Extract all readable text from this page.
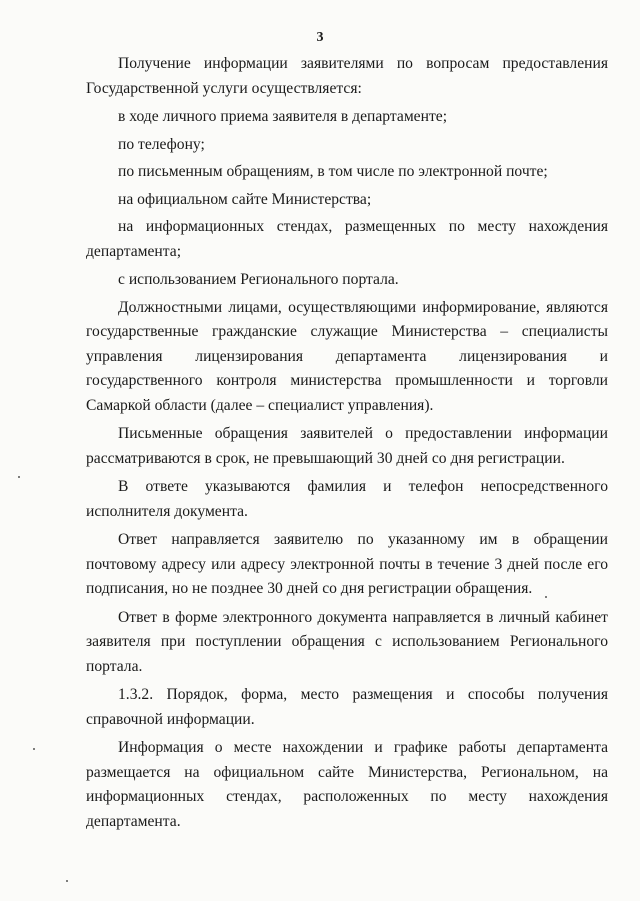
3

Получение информации заявителями по вопросам предоставления Государственной услуги осуществляется:

в ходе личного приема заявителя в департаменте;

по телефону;

по письменным обращениям, в том числе по электронной почте;

на официальном сайте Министерства;

на информационных стендах, размещенных по месту нахождения департамента;

с использованием Регионального портала.

Должностными лицами, осуществляющими информирование, являются государственные гражданские служащие Министерства – специалисты управления лицензирования департамента лицензирования и государственного контроля министерства промышленности и торговли Самаркой области (далее – специалист управления).

Письменные обращения заявителей о предоставлении информации рассматриваются в срок, не превышающий 30 дней со дня регистрации.

В ответе указываются фамилия и телефон непосредственного исполнителя документа.

Ответ направляется заявителю по указанному им в обращении почтовому адресу или адресу электронной почты в течение 3 дней после его подписания, но не позднее 30 дней со дня регистрации обращения.

Ответ в форме электронного документа направляется в личный кабинет заявителя при поступлении обращения с использованием Регионального портала.

1.3.2. Порядок, форма, место размещения и способы получения справочной информации.

Информация о месте нахождении и графике работы департамента размещается на официальном сайте Министерства, Региональном, на информационных стендах, расположенных по месту нахождения департамента.
